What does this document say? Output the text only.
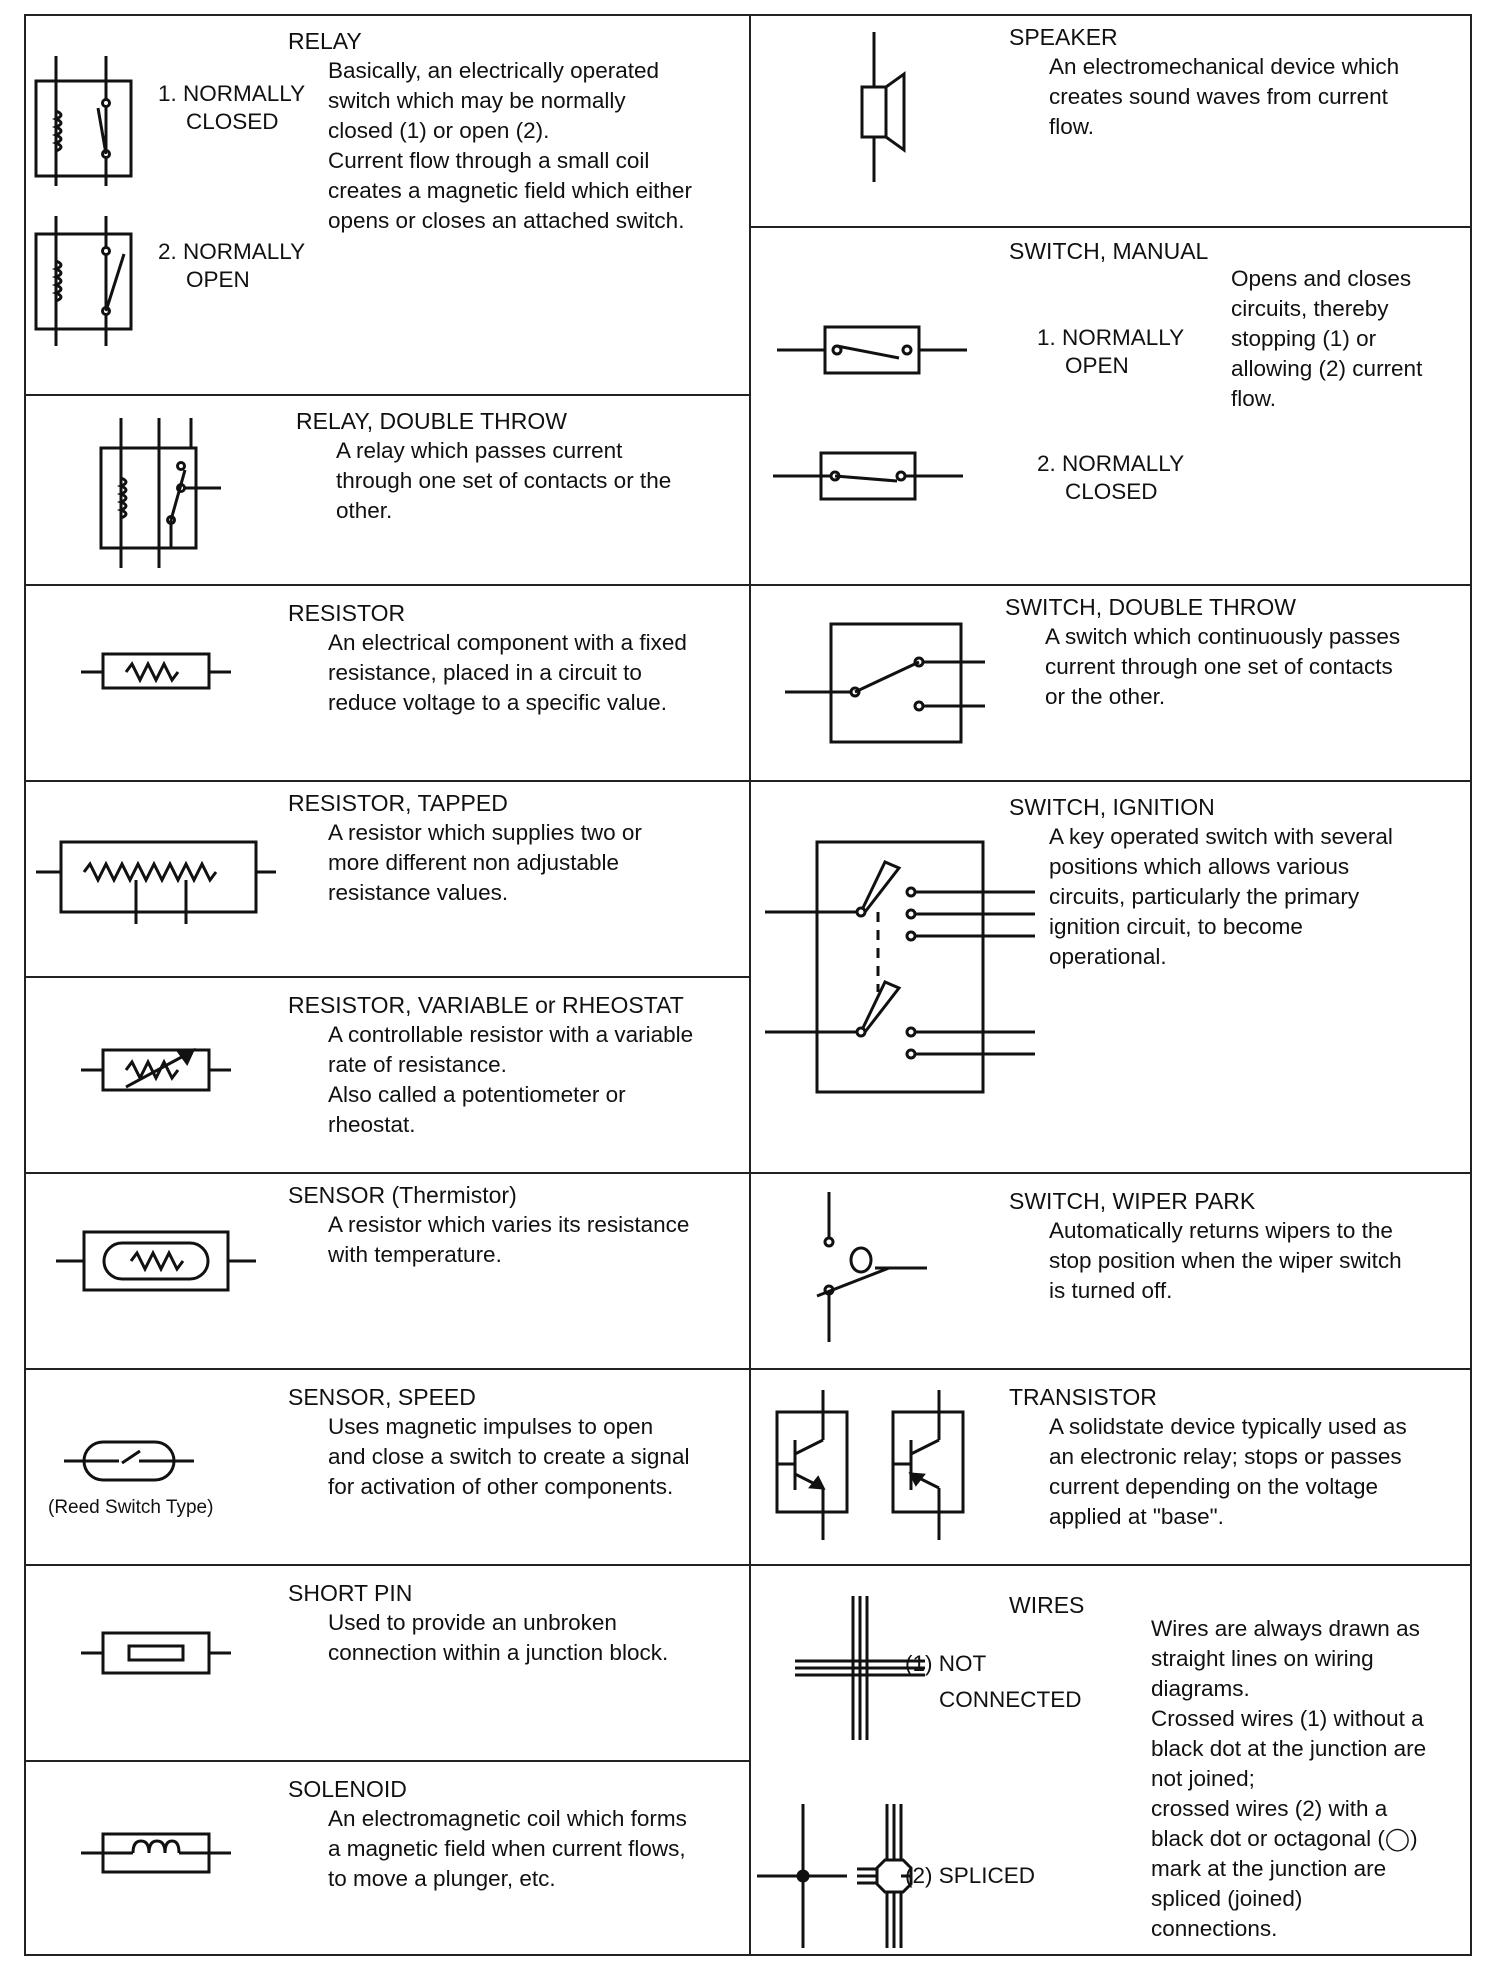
1. NORMALLY
CLOSED
2. NORMALLY
OPEN
RELAY
Basically, an electrically operated
switch which may be normally
closed (1) or open (2).
Current flow through a small coil
creates a magnetic field which either
opens or closes an attached switch.
RELAY, DOUBLE THROW
A relay which passes current
through one set of contacts or the
other.
RESISTOR
An electrical component with a fixed
resistance, placed in a circuit to
reduce voltage to a specific value.
RESISTOR, TAPPED
A resistor which supplies two or
more different non adjustable
resistance values.
RESISTOR, VARIABLE or RHEOSTAT
A controllable resistor with a variable
rate of resistance.
Also called a potentiometer or
rheostat.
SENSOR (Thermistor)
A resistor which varies its resistance
with temperature.
(Reed Switch Type)
SENSOR, SPEED
Uses magnetic impulses to open
and close a switch to create a signal
for activation of other components.
SHORT PIN
Used to provide an unbroken
connection within a junction block.
SOLENOID
An electromagnetic coil which forms
a magnetic field when current flows,
to move a plunger, etc.
SPEAKER
An electromechanical device which
creates sound waves from current
flow.
SWITCH, MANUAL
1. NORMALLY
OPEN
2. NORMALLY
CLOSED
Opens and closes
circuits, thereby
stopping (1) or
allowing (2) current
flow.
SWITCH, DOUBLE THROW
A switch which continuously passes
current through one set of contacts
or the other.
SWITCH, IGNITION
A key operated switch with several
positions which allows various
circuits, particularly the primary
ignition circuit, to become
operational.
SWITCH, WIPER PARK
Automatically returns wipers to the
stop position when the wiper switch
is turned off.
TRANSISTOR
A solidstate device typically used as
an electronic relay; stops or passes
current depending on the voltage
applied at "base".
WIRES
(1) NOT
CONNECTED
(2) SPLICED
Wires are always drawn as
straight lines on wiring
diagrams.
Crossed wires (1) without a
black dot at the junction are
not joined;
crossed wires (2) with a
black dot or octagonal (◯)
mark at the junction are
spliced (joined)
connections.
